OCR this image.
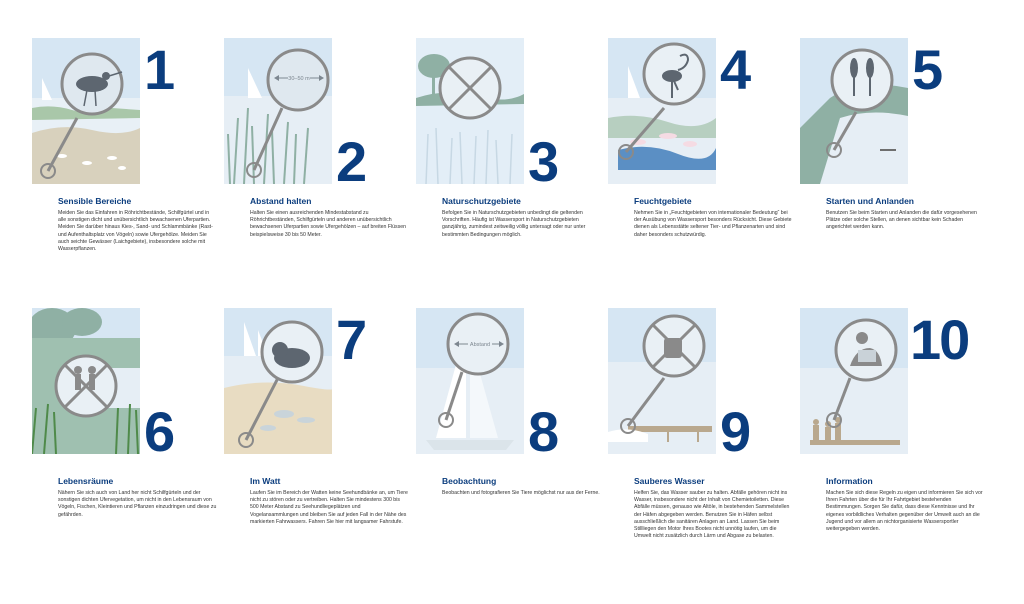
1
Sensible Bereiche
Meiden Sie das Einfahren in Röhrichtbestände, Schilfgürtel und in alle sonstigen dicht und unübersichtlich bewachsenen Uferpartien. Meiden Sie darüber hinaus Kies-, Sand- und Schlammbänke (Rast- und Aufenthaltsplatz von Vögeln) sowie Ufergehölze. Meiden Sie auch seichte Gewässer (Laichgebiete), insbesondere solche mit Wasserpflanzen.
30–50 m
2
Abstand halten
Halten Sie einen ausreichenden Mindestabstand zu Röhrichtbeständen, Schilfgürteln und anderen unübersichtlich bewachsenen Uferpartien sowie Ufergehölzen – auf breiten Flüssen beispielsweise 30 bis 50 Meter.
3
Naturschutzgebiete
Befolgen Sie in Naturschutzgebieten unbedingt die geltenden Vorschriften. Häufig ist Wassersport in Naturschutzgebieten ganzjährig, zumindest zeitweilig völlig untersagt oder nur unter bestimmten Bedingungen möglich.
4
Feuchtgebiete
Nehmen Sie in „Feuchtgebieten von internationaler Bedeutung“ bei der Ausübung von Wassersport besonders Rücksicht. Diese Gebiete dienen als Lebensstätte seltener Tier- und Pflanzenarten und sind daher besonders schutzwürdig.
5
Starten und Anlanden
Benutzen Sie beim Starten und Anlanden die dafür vorgesehenen Plätze oder solche Stellen, an denen sichtbar kein Schaden angerichtet werden kann.
6
Lebensräume
Nähern Sie sich auch von Land her nicht Schilfgürteln und der sonstigen dichten Ufervegetation, um nicht in den Lebensraum von Vögeln, Fischen, Kleintieren und Pflanzen einzudringen und diese zu gefährden.
7
Im Watt
Laufen Sie im Bereich der Watten keine Seehundbänke an, um Tiere nicht zu stören oder zu vertreiben. Halten Sie mindestens 300 bis 500 Meter Abstand zu Seehundliegeplätzen und Vogelansammlungen und bleiben Sie auf jeden Fall in der Nähe des markierten Fahrwassers. Fahren Sie hier mit langsamer Fahrstufe.
Abstand
8
Beobachtung
Beobachten und fotografieren Sie Tiere möglichst nur aus der Ferne.
9
Sauberes Wasser
Helfen Sie, das Wasser sauber zu halten. Abfälle gehören nicht ins Wasser, insbesondere nicht der Inhalt von Chemietoiletten. Diese Abfälle müssen, genauso wie Altöle, in bestehenden Sammelstellen der Häfen abgegeben werden. Benutzen Sie in Häfen selbst ausschließlich die sanitären Anlagen an Land. Lassen Sie beim Stillliegen den Motor Ihres Bootes nicht unnötig laufen, um die Umwelt nicht zusätzlich durch Lärm und Abgase zu belasten.
10
Information
Machen Sie sich diese Regeln zu eigen und informieren Sie sich vor Ihren Fahrten über die für Ihr Fahrtgebiet bestehenden Bestimmungen. Sorgen Sie dafür, dass diese Kenntnisse und Ihr eigenes vorbildliches Verhalten gegenüber der Umwelt auch an die Jugend und vor allem an nichtorganisierte Wassersportler weitergegeben werden.
